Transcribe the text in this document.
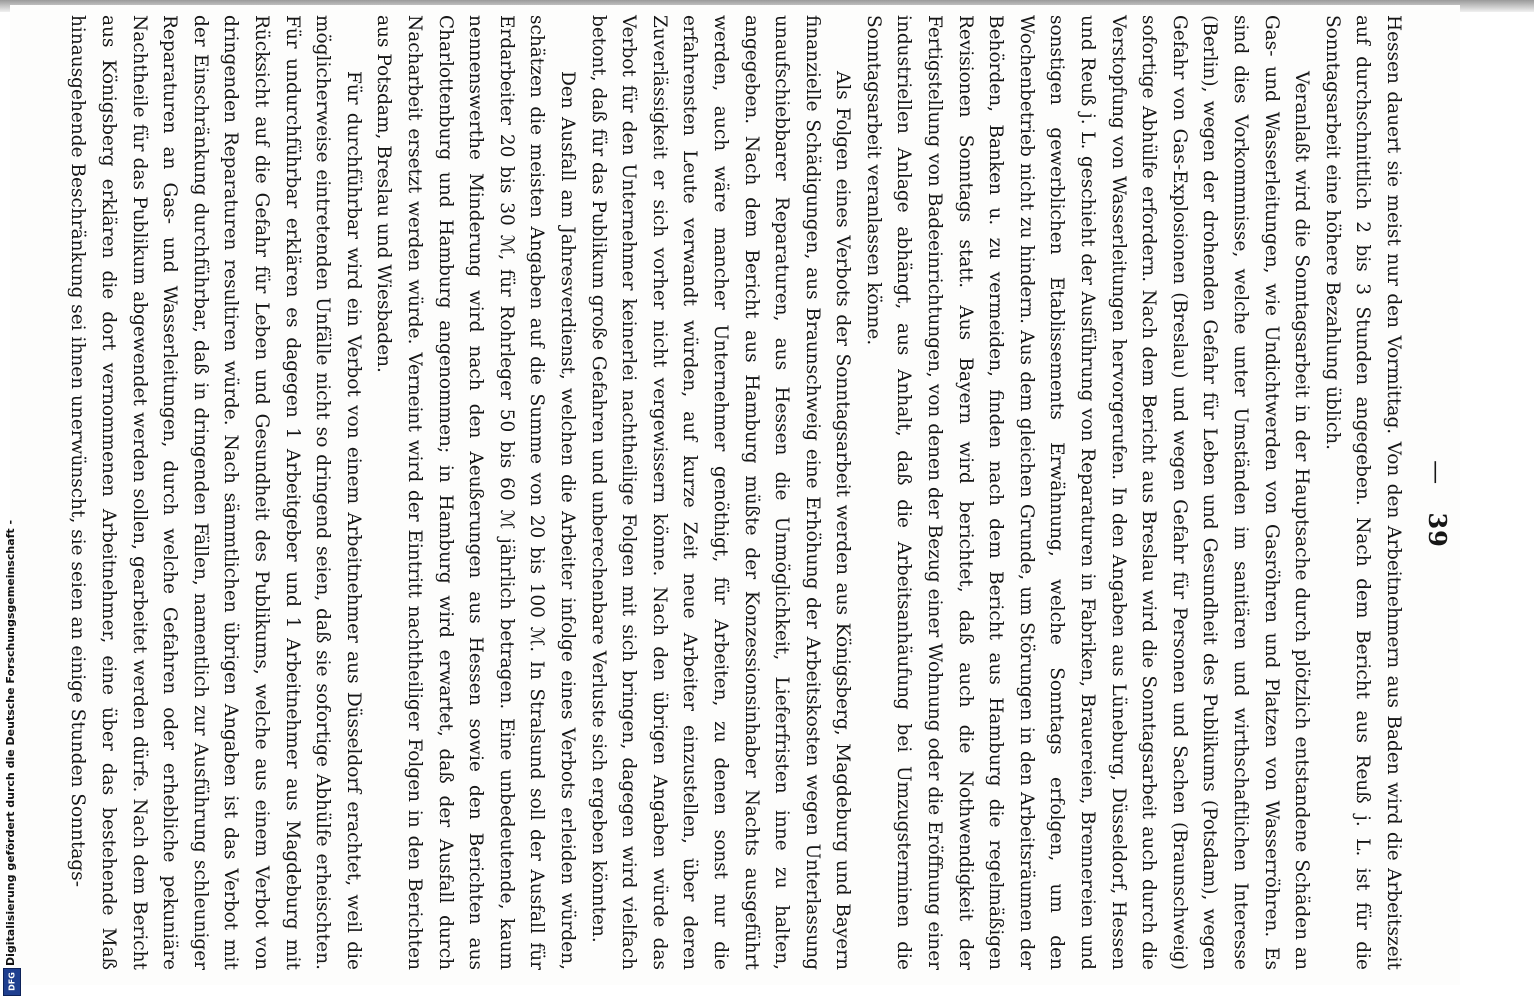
— 39

Hessen dauert sie meist nur den Vormittag. Von den Arbeitnehmern aus Baden wird die Arbeitszeit auf durchschnittlich 2 bis 3 Stunden angegeben. Nach dem Bericht aus Reuß j. L. ist für die Sonntagsarbeit eine höhere Bezahlung üblich.

Veranlaßt wird die Sonntagsarbeit in der Hauptsache durch plötzlich entstandene Schäden an Gas- und Wasserleitungen, wie Undichtwerden von Gasröhren und Platzen von Wasserröhren. Es sind dies Vorkommnisse, welche unter Umständen im sanitären und wirthschaftlichen Interesse (Berlin), wegen der drohenden Gefahr für Leben und Gesundheit des Publikums (Potsdam), wegen Gefahr von Gas-Explosionen (Breslau) und wegen Gefahr für Personen und Sachen (Braunschweig) sofortige Abhülfe erfordern. Nach dem Bericht aus Breslau wird die Sonntagsarbeit auch durch die Verstopfung von Wasserleitungen hervorgerufen. In den Angaben aus Lüneburg, Düsseldorf, Hessen und Reuß j. L. geschieht der Ausführung von Reparaturen in Fabriken, Brauereien, Brennereien und sonstigen gewerblichen Etablissements Erwähnung, welche Sonntags erfolgen, um den Wochenbetrieb nicht zu hindern. Aus dem gleichen Grunde, um Störungen in den Arbeitsräumen der Behörden, Banken u. zu vermeiden, finden nach dem Bericht aus Hamburg die regelmäßigen Revisionen Sonntags statt. Aus Bayern wird berichtet, daß auch die Nothwendigkeit der Fertigstellung von Badeeinrichtungen, von denen der Bezug einer Wohnung oder die Eröffnung einer industriellen Anlage abhängt, aus Anhalt, daß die Arbeitsanhäufung bei Umzugsterminen die Sonntagsarbeit veranlassen könne.

Als Folgen eines Verbots der Sonntagsarbeit werden aus Königsberg, Magdeburg und Bayern finanzielle Schädigungen, aus Braunschweig eine Erhöhung der Arbeitskosten wegen Unterlassung unaufschiebbarer Reparaturen, aus Hessen die Unmöglichkeit, Lieferfristen inne zu halten, angegeben. Nach dem Bericht aus Hamburg müßte der Konzessionsinhaber Nachts ausgeführt werden, auch wäre mancher Unternehmer genöthigt, für Arbeiten, zu denen sonst nur die erfahrensten Leute verwandt würden, auf kurze Zeit neue Arbeiter einzustellen, über deren Zuverlässigkeit er sich vorher nicht vergewissern könne. Nach den übrigen Angaben würde das Verbot für den Unternehmer keinerlei nachtheilige Folgen mit sich bringen, dagegen wird vielfach betont, daß für das Publikum große Gefahren und unberechenbare Verluste sich ergeben könnten.

Den Ausfall am Jahresverdienst, welchen die Arbeiter infolge eines Verbots erleiden würden, schätzen die meisten Angaben auf die Summe von 20 bis 100 ℳ. In Stralsund soll der Ausfall für Erdarbeiter 20 bis 30 ℳ, für Rohrleger 50 bis 60 ℳ jährlich betragen. Eine unbedeutende, kaum nennenswerthe Minderung wird nach den Aeußerungen aus Hessen sowie den Berichten aus Charlottenburg und Hamburg angenommen; in Hamburg wird erwartet, daß der Ausfall durch Nacharbeit ersetzt werden würde. Verneint wird der Eintritt nachtheiliger Folgen in den Berichten aus Potsdam, Breslau und Wiesbaden.

Für durchführbar wird ein Verbot von einem Arbeitnehmer aus Düsseldorf erachtet, weil die möglicherweise eintretenden Unfälle nicht so dringend seien, daß sie sofortige Abhülfe erheischten. Für undurchführbar erklären es dagegen 1 Arbeitgeber und 1 Arbeitnehmer aus Magdeburg mit Rücksicht auf die Gefahr für Leben und Gesundheit des Publikums, welche aus einem Verbot von dringenden Reparaturen resultiren würde. Nach sämmtlichen übrigen Angaben ist das Verbot mit der Einschränkung durchführbar, daß in dringenden Fällen, namentlich zur Ausführung schleuniger Reparaturen an Gas- und Wasserleitungen, durch welche Gefahren oder erhebliche pekuniäre Nachtheile für das Publikum abgewendet werden sollen, gearbeitet werden dürfe. Nach dem Bericht aus Königsberg erklären die dort vernommenen Arbeitnehmer, eine über das bestehende Maß hinausgehende Beschränkung sei ihnen unerwünscht, sie seien an einige Stunden Sonntags-

Digitalisierung gefördert durch die Deutsche Forschungsgemeinschaft -
DFG
